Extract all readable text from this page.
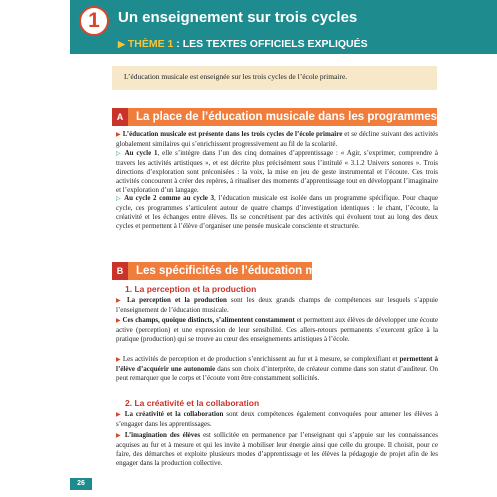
1	Un enseignement sur trois cycles
▶ THÈME 1 : LES TEXTES OFFICIELS EXPLIQUÉS
L’éducation musicale est enseignée sur les trois cycles de l’école primaire.
A	La place de l’éducation musicale dans les programmes
▶ L’éducation musicale est présente dans les trois cycles de l’école primaire et se décline suivant des activités globalement similaires qui s’enrichissent progressivement au fil de la scolarité.
▷ Au cycle 1, elle s’intègre dans l’un des cinq domaines d’apprentissage : « Agir, s’exprimer, comprendre à travers les activités artistiques », et est décrite plus précisément sous l’intitulé « 3.1.2 Univers sonores ». Trois directions d’exploration sont préconisées : la voix, la mise en jeu de geste instrumental et l’écoute. Ces trois activités concourent à créer des repères, à ritualiser des moments d’apprentissage tout en développant l’imaginaire et l’exploration d’un langage.
▷ Au cycle 2 comme au cycle 3, l’éducation musicale est isolée dans un programme spécifique. Pour chaque cycle, ces programmes s’articulent autour de quatre champs d’investigation identiques : le chant, l’écoute, la créativité et les échanges entre élèves. Ils se concrétisent par des activités qui évoluent tout au long des deux cycles et permettent à l’élève d’organiser une pensée musicale consciente et structurée.
B	Les spécificités de l’éducation musicale
1. La perception et la production
▶ La perception et la production sont les deux grands champs de compétences sur lesquels s’appuie l’enseignement de l’éducation musicale.
▶ Ces champs, quoique distincts, s’alimentent constamment et permettent aux élèves de développer une écoute active (perception) et une expression de leur sensibilité. Ces allers-retours permanents s’exercent grâce à la pratique (production) qui se trouve au cœur des enseignements artistiques à l’école.
▶ Les activités de perception et de production s’enrichissent au fur et à mesure, se complexifiant et permettent à l’élève d’acquérir une autonomie dans son choix d’interprète, de créateur comme dans son statut d’auditeur. On peut remarquer que le corps et l’écoute vont être constamment sollicités.
2. La créativité et la collaboration
▶ La créativité et la collaboration sont deux compétences également convoquées pour amener les élèves à s’engager dans les apprentissages.
▶ L’imagination des élèves est sollicitée en permanence par l’enseignant qui s’appuie sur les connaissances acquises au fur et à mesure et qui les invite à mobiliser leur énergie ainsi que celle du groupe. Il choisit, pour ce faire, des démarches et exploite plusieurs modes d’apprentissage et les élèves la pédagogie de projet afin de les engager dans la production collective.
26
